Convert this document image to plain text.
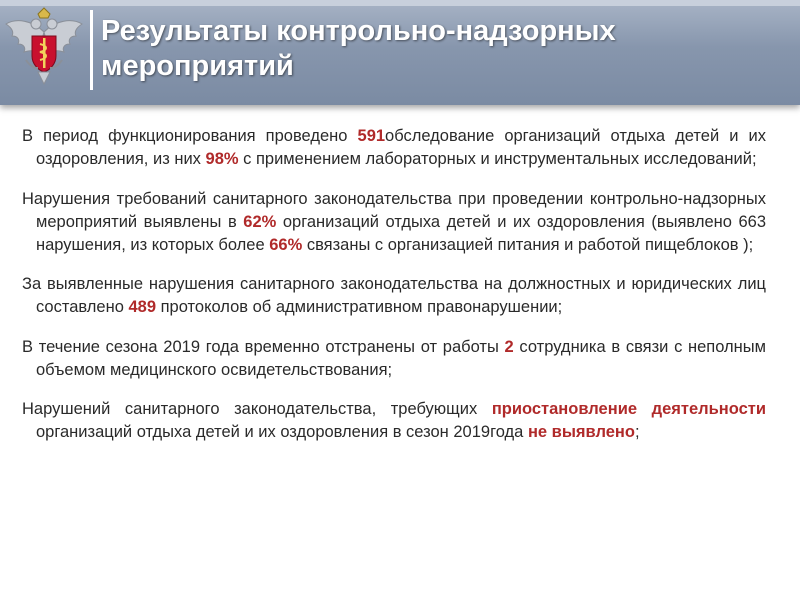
Результаты контрольно-надзорных
мероприятий

В период функционирования проведено 591обследование организаций отдыха детей и их оздоровления, из них 98% с применением лабораторных и инструментальных исследований;

Нарушения требований санитарного законодательства при проведении контрольно-надзорных мероприятий выявлены в 62% организаций отдыха детей и их оздоровления (выявлено 663 нарушения, из которых более 66% связаны с организацией питания и работой пищеблоков );

За выявленные нарушения санитарного законодательства на должностных и юридических лиц составлено 489 протоколов об административном правонарушении;

В течение сезона 2019 года временно отстранены от работы 2 сотрудника в связи с неполным объемом медицинского освидетельствования;

Нарушений санитарного законодательства, требующих приостановление деятельности организаций отдыха детей и их оздоровления в сезон 2019года не выявлено;
